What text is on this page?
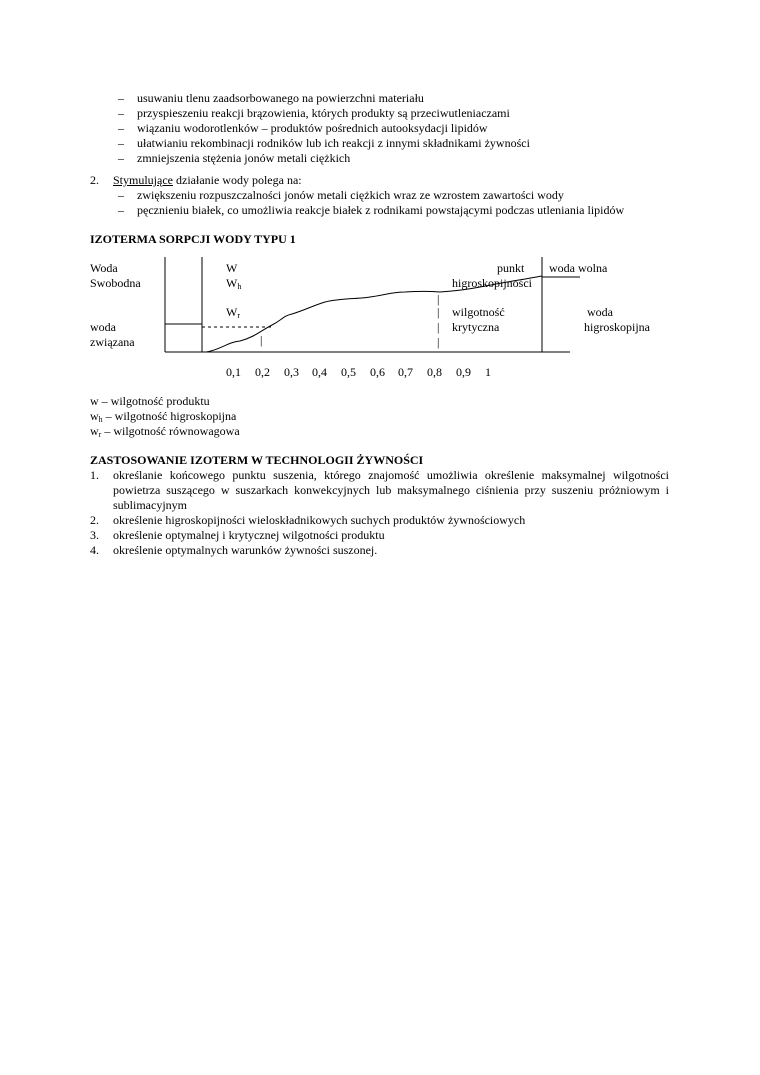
– usuwaniu tlenu zaadsorbowanego na powierzchni materiału
– przyspieszeniu reakcji brązowienia, których produkty są przeciwutleniaczami
– wiązaniu wodorotlenków – produktów pośrednich autooksydacji lipidów
– ułatwianiu rekombinacji rodników lub ich reakcji z innymi składnikami żywności
– zmniejszenia stężenia jonów metali ciężkich
2. Stymulujące działanie wody polega na:
– zwiększeniu rozpuszczalności jonów metali ciężkich wraz ze wzrostem zawartości wody
– pęcznieniu białek, co umożliwia reakcje białek z rodnikami powstającymi podczas utleniania lipidów
IZOTERMA SORPCJI WODY TYPU 1
|
|
|
|
|
Woda
Swobodna
woda
związana
W
$W_h$
$W_r$
punkt
higroskopijności
woda wolna
wilgotność
krytyczna
woda
higroskopijna
0,1 0,2 0,3 0,4 0,5 0,6 0,7 0,8 0,9 1
w – wilgotność produktu
$w_h$ – wilgotność higroskopijna
$w_r$ – wilgotność równowagowa
ZASTOSOWANIE IZOTERM W TECHNOLOGII ŻYWNOŚCI
1. określanie końcowego punktu suszenia, którego znajomość umożliwia określenie maksymalnej wilgotności powietrza suszącego w suszarkach konwekcyjnych lub maksymalnego ciśnienia przy suszeniu próżniowym i sublimacyjnym
2. określenie higroskopijności wieloskładnikowych suchych produktów żywnościowych
3. określenie optymalnej i krytycznej wilgotności produktu
4. określenie optymalnych warunków żywności suszonej.
